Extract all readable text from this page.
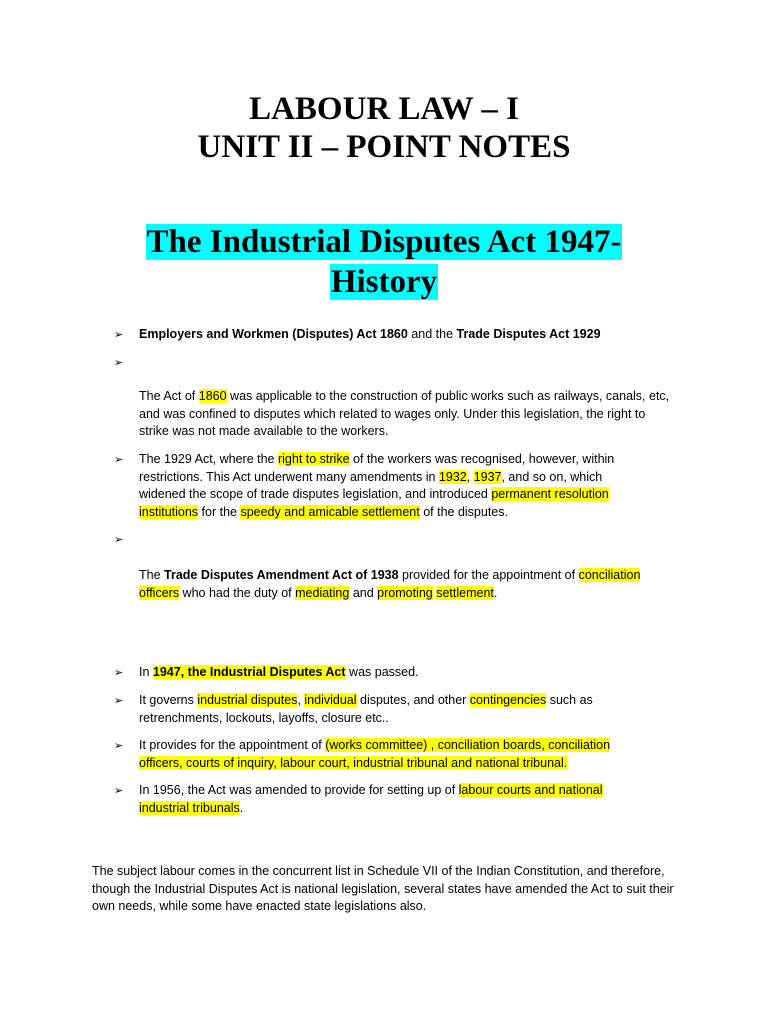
LABOUR LAW – I
UNIT II – POINT NOTES
The Industrial Disputes Act 1947-
History
➢	Employers and Workmen (Disputes) Act 1860 and the Trade Disputes Act 1929
➢
The Act of 1860 was applicable to the construction of public works such as railways, canals, etc, and was confined to disputes which related to wages only. Under this legislation, the right to strike was not made available to the workers.
➢	The 1929 Act, where the right to strike of the workers was recognised, however, within restrictions. This Act underwent many amendments in 1932, 1937, and so on, which widened the scope of trade disputes legislation, and introduced permanent resolution institutions for the speedy and amicable settlement of the disputes.
➢
The Trade Disputes Amendment Act of 1938 provided for the appointment of conciliation officers who had the duty of mediating and promoting settlement.
➢	In 1947, the Industrial Disputes Act was passed.
➢	It governs industrial disputes, individual disputes, and other contingencies such as retrenchments, lockouts, layoffs, closure etc..
➢	It provides for the appointment of (works committee) , conciliation boards, conciliation officers, courts of inquiry, labour court, industrial tribunal and national tribunal.
➢	In 1956, the Act was amended to provide for setting up of labour courts and national industrial tribunals.
The subject labour comes in the concurrent list in Schedule VII of the Indian Constitution, and therefore, though the Industrial Disputes Act is national legislation, several states have amended the Act to suit their own needs, while some have enacted state legislations also.
